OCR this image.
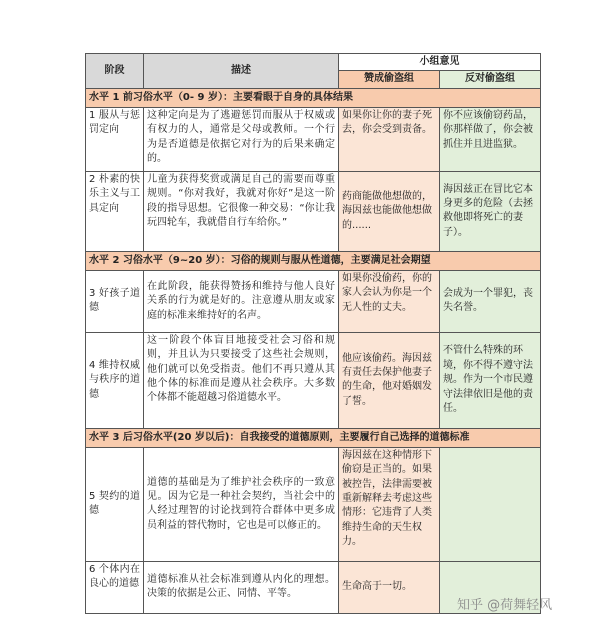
阶段	描述	小组意见	
		赞成偷盗组	反对偷盗组
水平 1 前习俗水平（0- 9 岁）：主要看眼于自身的具体结果			
1 服从与惩罚定向	这种定向是为了逃避惩罚而服从于权威或有权力的人，通常是父母或教师。一个行为是否道德是依据它对行为的后果来确定的。	如果你让你的妻子死去，你会受到责备。	你不应该偷窃药品，你那样做了，你会被抓住并且进监狱。
2 朴素的快乐主义与工具定向	儿童为获得奖赏或满足自己的需要而尊重规则。“你对我好，我就对你好”是这一阶段的指导思想。它很像一种交易：“你让我玩四轮车，我就借自行车给你。”	药商能做他想做的，海因兹也能做他想做的......	海因兹正在冒比它本身更多的危险（去拯救他即将死亡的妻子）。
水平 2 习俗水平（9~20 岁）：习俗的规则与服从性道德，主要满足社会期望			
3 好孩子道德	在此阶段，能获得赞扬和维持与他人良好关系的行为就是好的。注意遵从朋友或家庭的标准来维持好的名声。	如果你没偷药，你的家人会认为你是一个无人性的丈夫。	会成为一个罪犯，丧失名誉。
4 维持权威与秩序的道德	这一阶段个体盲目地接受社会习俗和规则，并且认为只要接受了这些社会规则，他们就可以免受指责。他们不再只遵从其他个体的标准而是遵从社会秩序。大多数个体都不能超越习俗道德水平。	他应该偷药。海因兹有责任去保护他妻子的生命，他对婚姻发了誓。	不管什么特殊的环境，你不得不遵守法规。作为一个市民遵守法律依旧是他的责任。
水平 3 后习俗水平(20 岁以后)：自我接受的道德原则，主要履行自己选择的道德标准			
5 契约的道德	道德的基础是为了维护社会秩序的一致意见。因为它是一种社会契约，当社会中的人经过理智的讨论找到符合群体中更多成员利益的替代物时，它也是可以修正的。	海因兹在这种情形下偷窃是正当的。如果被控告，法律需要被重新解释去考虑这些情形：它违背了人类维持生命的天生权力。	
6 个体内在良心的道德	道德标准从社会标准到遵从内化的理想。决策的依据是公正、同情、平等。	生命高于一切。	
知乎 @荷舞轻风
